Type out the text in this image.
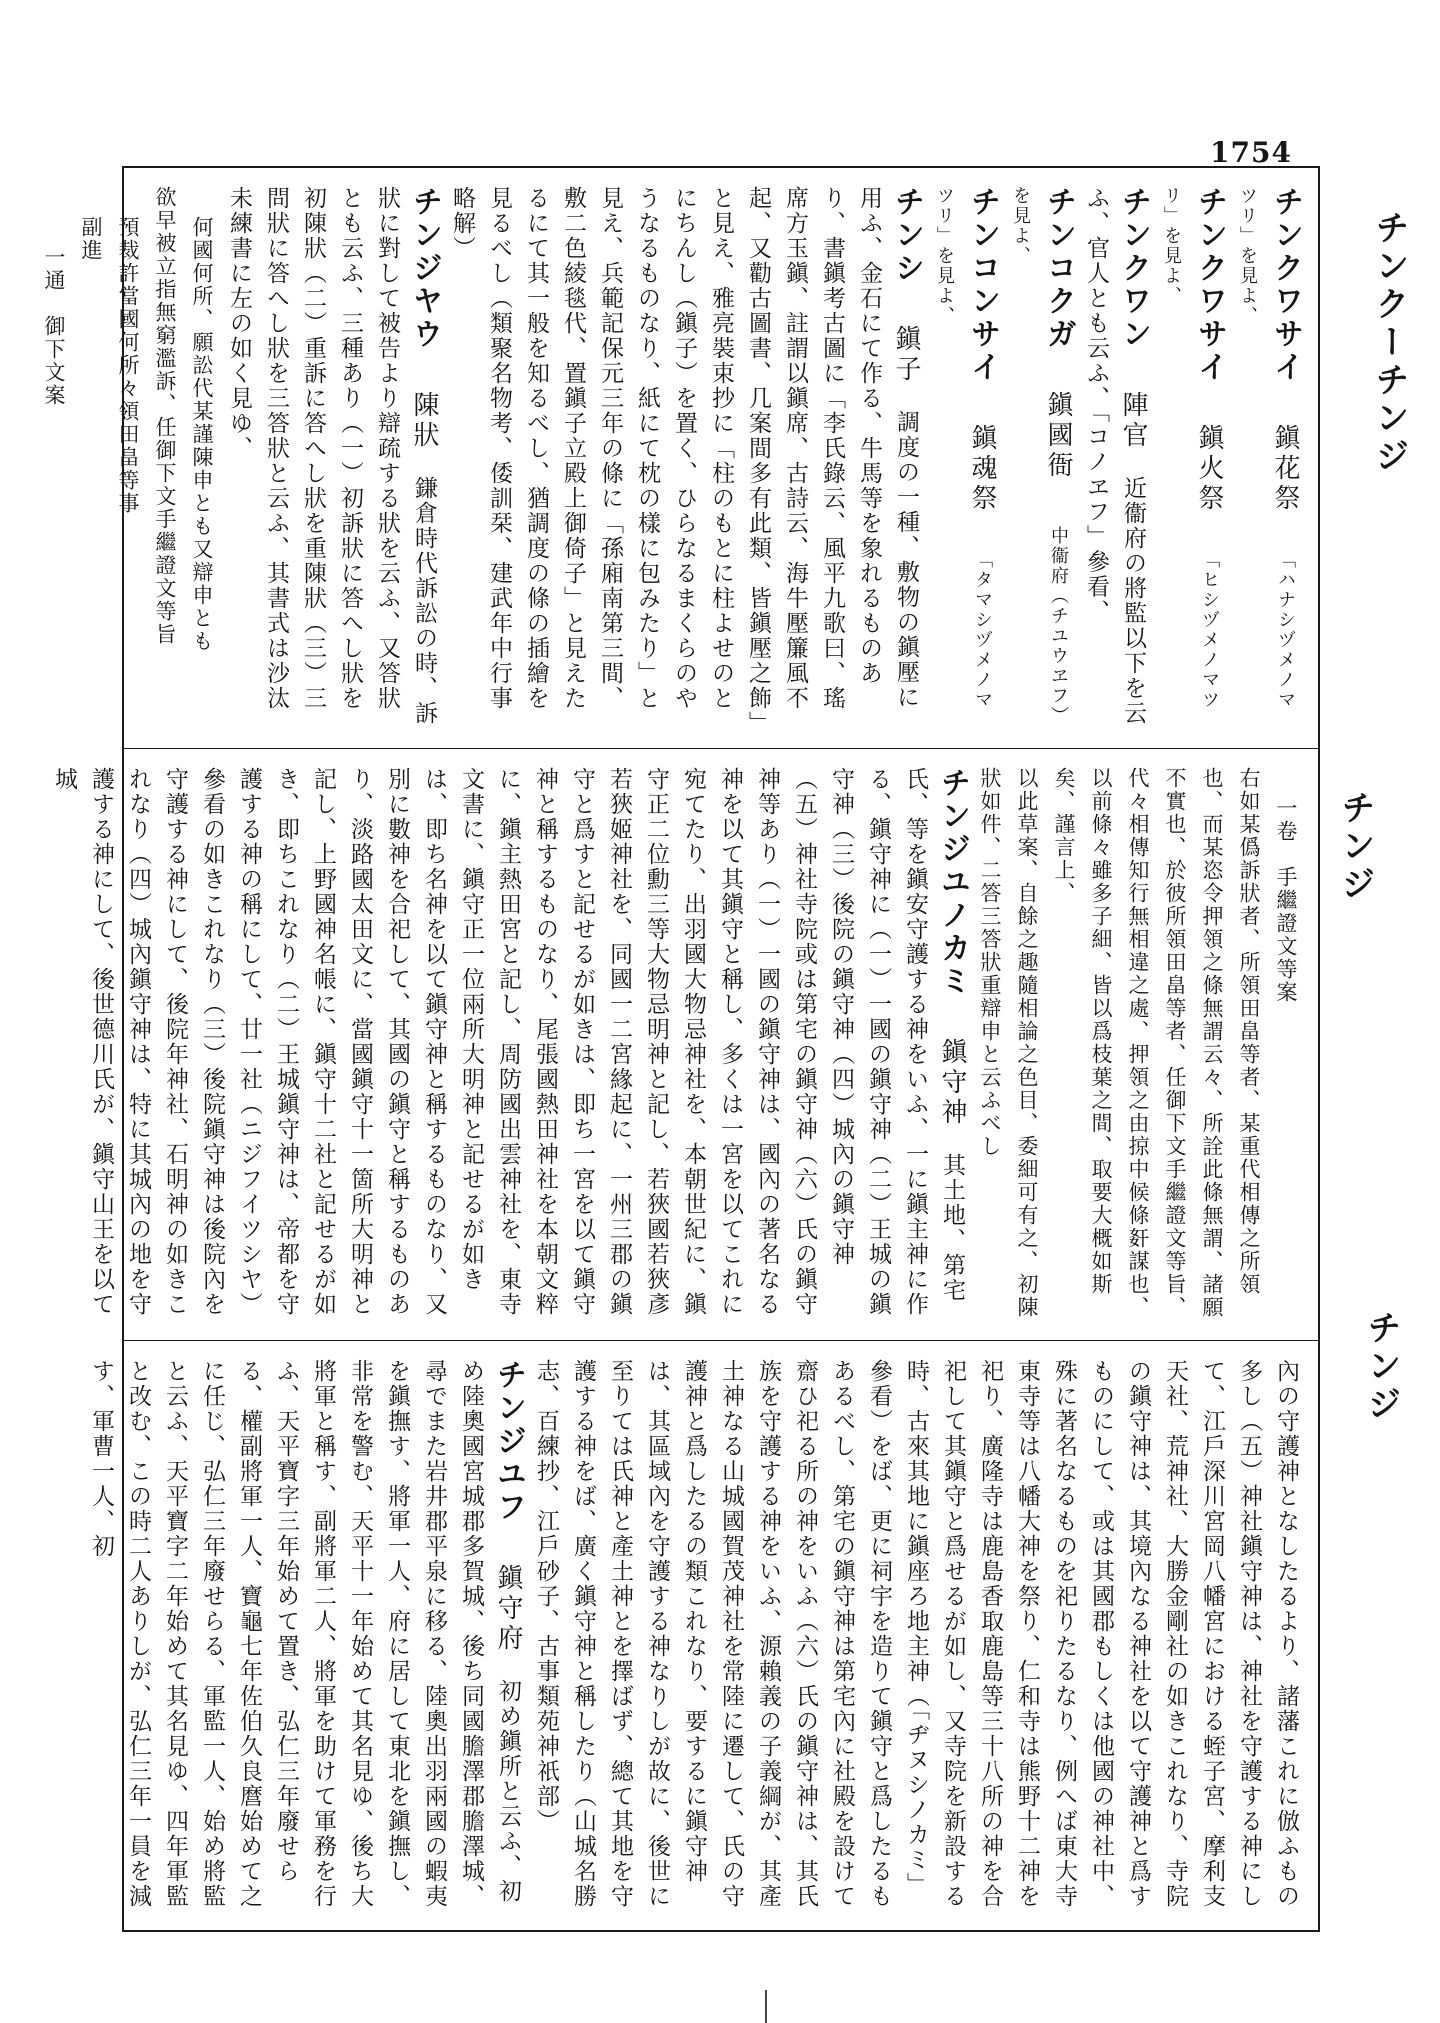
1754
チンクワサイ鎭花祭　「ハナシヅメノマツリ」を見よ、
チンクワサイ鎭火祭　「ヒシヅメノマツリ」を見よ、
チンクワン陣官　近衞府の將監以下を云ふ、官人とも云ふ、「コノヱフ」參看、
チンコクガ鎭國衙　中衞府（チユウヱフ）を見よ、
チンコンサイ鎭魂祭　「タマシヅメノマツリ」を見よ、
チンシ鎭子　調度の一種、敷物の鎭壓に用ふ、金石にて作る、牛馬等を象れるものあり、書鎭考古圖に「李氏錄云、風平九歌曰、瑤席方玉鎭、註謂以鎭席、古詩云、海牛壓簾風不起、又勸古圖書、几案間多有此類、皆鎭壓之飾」と見え、雅亮裝束抄に「柱のもとに柱よせのとにちんし（鎭子）を置く、ひらなるまくらのやうなるものなり、紙にて枕の樣に包みたり」と見え、兵範記保元三年の條に「孫廂南第三間、敷二色綾毯代、置鎭子立殿上御倚子」と見えたるにて其一般を知るべし、猶調度の條の插繪を見るべし（類聚名物考、倭訓栞、建武年中行事略解）
チンジヤウ陳狀　鎌倉時代訴訟の時、訴狀に對して被告より辯疏する狀を云ふ、又答狀とも云ふ、三種あり（一）初訴狀に答へし狀を初陳狀（二）重訴に答へし狀を重陳狀（三）三問狀に答へし狀を三答狀と云ふ、其書式は沙汰未練書に左の如く見ゆ、
何國何所、願訟代某謹陳申とも又辯申とも
欲早被立指無窮濫訴、任御下文手繼證文等旨
預裁許當國何所々領田畠等事
副進
一通　御下文案
一卷　手繼證文等案
右如某僞訴狀者、所領田畠等者、某重代相傳之所領也、而某恣令押領之條無謂云々、所詮此條無謂、諸願不實也、於彼所領田畠等者、任御下文手繼證文等旨、代々相傳知行無相違之處、押領之由掠中候條姧謀也、以前條々雖多子細、皆以爲枝葉之間、取要大概如斯矣、謹言上、
以此草案、自餘之趣隨相論之色目、委細可有之、初陳狀如件、二答三答狀重辯申と云ふべし
チンジユノカミ鎭守神　其土地、第宅氏、等を鎭安守護する神をいふ、一に鎭主神に作る、鎭守神に（一）一國の鎭守神（二）王城の鎭守神（三）後院の鎭守神（四）城內の鎭守神（五）神社寺院或は第宅の鎭守神（六）氏の鎭守神等あり（一）一國の鎭守神は、國內の著名なる神を以て其鎭守と稱し、多くは一宮を以てこれに宛てたり、出羽國大物忌神社を、本朝世紀に、鎭守正二位勳三等大物忌明神と記し、若狹國若狹彥若狹姬神社を、同國一二宮緣起に、一州三郡の鎭守と爲すと記せるが如きは、即ち一宮を以て鎭守神と稱するものなり、尾張國熱田神社を本朝文粹に、鎭主熱田宮と記し、周防國出雲神社を、東寺文書に、鎭守正一位兩所大明神と記せるが如きは、即ち名神を以て鎭守神と稱するものなり、又別に數神を合祀して、其國の鎭守と稱するものあり、淡路國太田文に、當國鎭守十一箇所大明神と記し、上野國神名帳に、鎭守十二社と記せるが如き、即ちこれなり（二）王城鎭守神は、帝都を守護する神の稱にして、廿一社（ニジフイツシヤ）參看の如きこれなり（三）後院鎭守神は後院內を守護する神にして、後院年神社、石明神の如きこれなり（四）城內鎭守神は、特に其城內の地を守護する神にして、後世德川氏が、鎭守山王を以て城
內の守護神となしたるより、諸藩これに倣ふもの多し（五）神社鎭守神は、神社を守護する神にして、江戶深川宮岡八幡宮における蛭子宮、摩利支天社、荒神社、大勝金剛社の如きこれなり、寺院の鎭守神は、其境內なる神社を以て守護神と爲すものにして、或は其國郡もしくは他國の神社中、殊に著名なるものを祀りたるなり、例へば東大寺東寺等は八幡大神を祭り、仁和寺は熊野十二神を祀り、廣隆寺は鹿島香取鹿島等三十八所の神を合祀して其鎭守と爲せるが如し、又寺院を新設する時、古來其地に鎭座ろ地主神（「ヂヌシノカミ」參看）をば、更に祠宇を造りて鎭守と爲したるもあるべし、第宅の鎭守神は第宅內に社殿を設けて齋ひ祀る所の神をいふ（六）氏の鎭守神は、其氏族を守護する神をいふ、源賴義の子義綱が、其產土神なる山城國賀茂神社を常陸に遷して、氏の守護神と爲したるの類これなり、要するに鎭守神は、其區域內を守護する神なりしが故に、後世に至りては氏神と產土神とを擇ばず、總て其地を守護する神をば、廣く鎭守神と稱したり（山城名勝志、百練抄、江戶砂子、古事類苑神祇部）
チンジユフ鎭守府　初め鎭所と云ふ、初め陸奧國宮城郡多賀城、後ち同國膽澤郡膽澤城、尋でまた岩井郡平泉に移る、陸奧出羽兩國の蝦夷を鎭撫す、將軍一人、府に居して東北を鎭撫し、非常を警む、天平十一年始めて其名見ゆ、後ち大將軍と稱す、副將軍二人、將軍を助けて軍務を行ふ、天平寶字三年始めて置き、弘仁三年廢せらる、權副將軍一人、寶龜七年佐伯久良麿始めて之に任じ、弘仁三年廢せらる、軍監一人、始め將監と云ふ、天平寶字二年始めて其名見ゆ、四年軍監と改む、この時二人ありしが、弘仁三年一員を減す、軍曹一人、初
チンクーチンジ
チンジ
チンジ
